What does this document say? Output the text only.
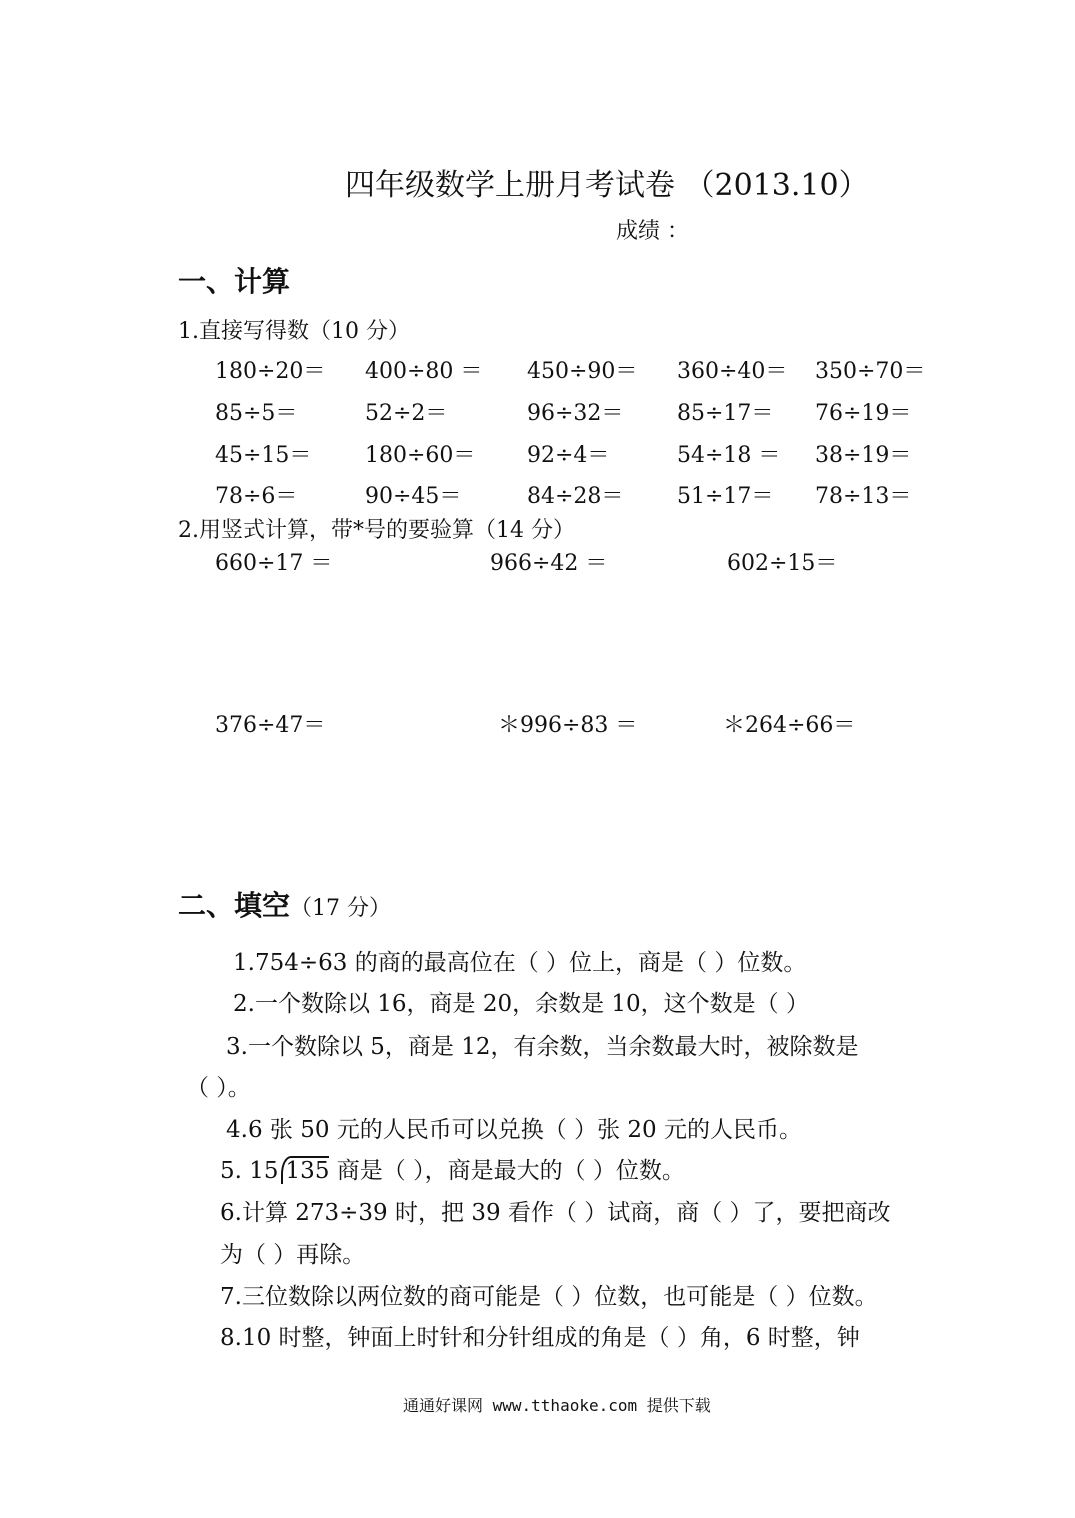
四年级数学上册月考试卷 （2013.10）
成绩 ：
一、计算
1.直接写得数（10 分）
180÷20＝ 400÷80 ＝ 450÷90＝ 360÷40＝ 350÷70＝
85÷5＝	52÷2＝	96÷32＝ 85÷17＝ 76÷19＝
45÷15＝ 180÷60＝ 92÷4＝	54÷18 ＝ 38÷19＝
78÷6＝	90÷45＝	84÷28＝ 51÷17＝ 78÷13＝
2.用竖式计算，带*号的要验算（14 分）
660÷17 ＝	966÷42 ＝	602÷15＝
376÷47＝	＊996÷83 ＝	＊264÷66＝
二、填空（17 分）
1.754÷63 的商的最高位在（ ）位上，商是（ ）位数。
2.一个数除以 16，商是 20，余数是 10，这个数是（ ）
3.一个数除以 5，商是 12，有余数，当余数最大时，被除数是
（ ）。
4.6 张 50 元的人民币可以兑换（ ）张 20 元的人民币。
5. 15 135 商是（ ），商是最大的（ ）位数。
6.计算 273÷39 时，把 39 看作（ ）试商，商（ ）了，要把商改
为（ ）再除。
7.三位数除以两位数的商可能是（ ）位数，也可能是（ ）位数。
8.10 时整，钟面上时针和分针组成的角是（ ）角，6 时整，钟
通通好课网 www.tthaoke.com 提供下载
